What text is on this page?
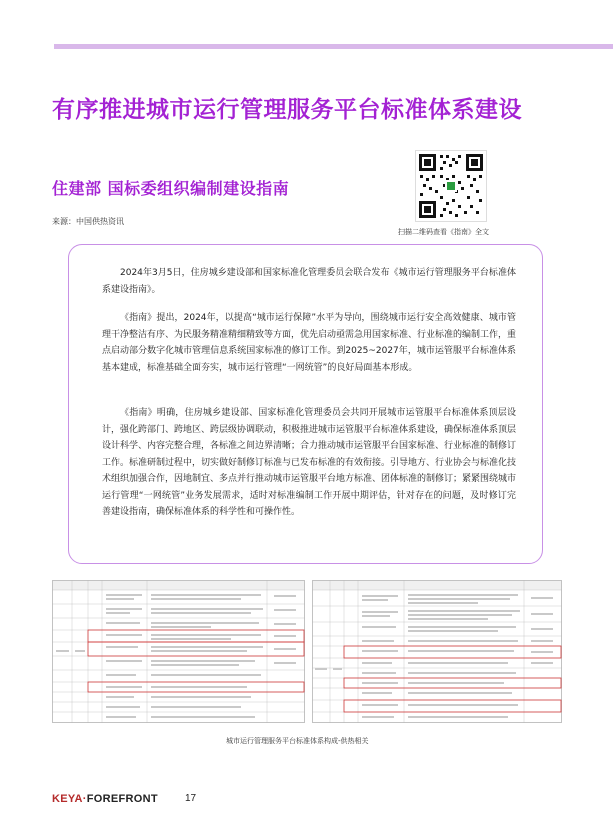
有序推进城市运行管理服务平台标准体系建设
住建部 国标委组织编制建设指南
来源：中国供热资讯
扫描二维码查看《指南》全文

2024年3月5日，住房城乡建设部和国家标准化管理委员会联合发布《城市运行管理服务平台标准体系建设指南》。

《指南》提出，2024年，以提高“城市运行保障”水平为导向，围绕城市运行安全高效健康、城市管理干净整洁有序、为民服务精准精细精致等方面，优先启动亟需急用国家标准、行业标准的编制工作，重点启动部分数字化城市管理信息系统国家标准的修订工作。到2025~2027年，城市运管服平台标准体系基本建成，标准基础全面夯实，城市运行管理“一网统管”的良好局面基本形成。

《指南》明确，住房城乡建设部、国家标准化管理委员会共同开展城市运管服平台标准体系顶层设计，强化跨部门、跨地区、跨层级协调联动，积极推进城市运管服平台标准体系建设，确保标准体系顶层设计科学、内容完整合理，各标准之间边界清晰；合力推动城市运管服平台国家标准、行业标准的制修订工作。标准研制过程中，切实做好制修订标准与已发布标准的有效衔接。引导地方、行业协会与标准化技术组织加强合作，因地制宜、多点并行推动城市运管服平台地方标准、团体标准的制修订；紧紧围绕城市运行管理“一网统管”业务发展需求，适时对标准编制工作开展中期评估，针对存在的问题，及时修订完善建设指南，确保标准体系的科学性和可操作性。

城市运行管理服务平台标准体系构成-供热相关
KEYA·FOREFRONT	17
